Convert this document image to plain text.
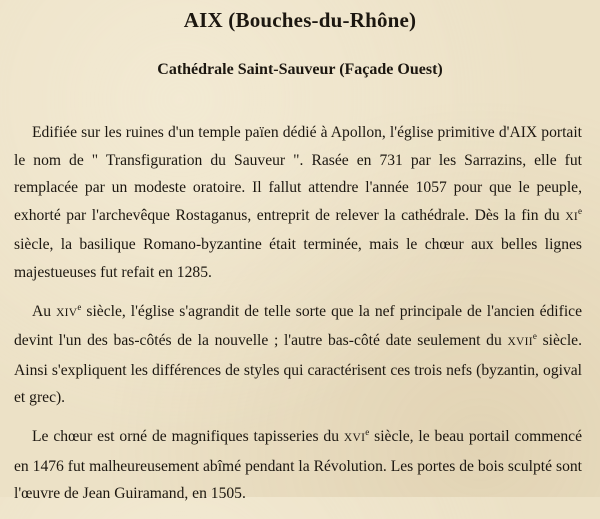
AIX (Bouches-du-Rhône)
Cathédrale Saint-Sauveur (Façade Ouest)

Edifiée sur les ruines d'un temple païen dédié à Apollon, l'église primitive d'AIX portait le nom de " Transfiguration du Sauveur ". Rasée en 731 par les Sarrazins, elle fut remplacée par un modeste oratoire. Il fallut attendre l'année 1057 pour que le peuple, exhorté par l'archevêque Rostaganus, entreprit de relever la cathédrale. Dès la fin du XIe siècle, la basilique Romano-byzantine était terminée, mais le chœur aux belles lignes majestueuses fut refait en 1285.

Au XIVe siècle, l'église s'agrandit de telle sorte que la nef principale de l'ancien édifice devint l'un des bas-côtés de la nouvelle ; l'autre bas-côté date seulement du XVIIe siècle. Ainsi s'expliquent les différences de styles qui caractérisent ces trois nefs (byzantin, ogival et grec).

Le chœur est orné de magnifiques tapisseries du XVIe siècle, le beau portail commencé en 1476 fut malheureusement abîmé pendant la Révolution. Les portes de bois sculpté sont l'œuvre de Jean Guiramand, en 1505.
